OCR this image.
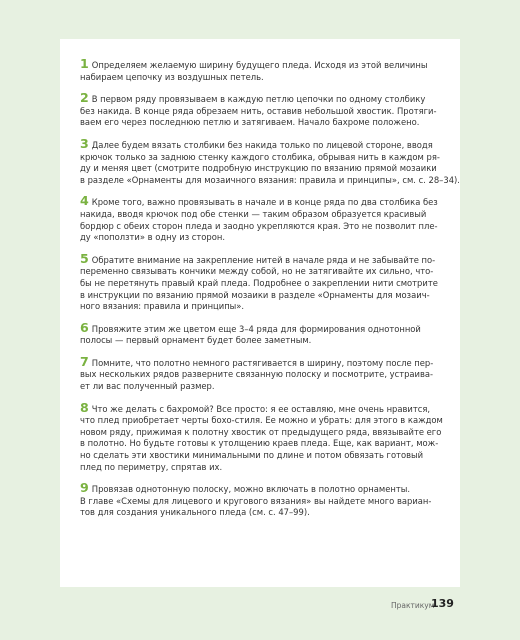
1 Определяем желаемую ширину будущего пледа. Исходя из этой величины
набираем цепочку из воздушных петель.
2 В первом ряду провязываем в каждую петлю цепочки по одному столбику
без накида. В конце ряда обрезаем нить, оставив небольшой хвостик. Протяги-
ваем его через последнюю петлю и затягиваем. Начало бахроме положено.
3 Далее будем вязать столбики без накида только по лицевой стороне, вводя
крючок только за заднюю стенку каждого столбика, обрывая нить в каждом ря-
ду и меняя цвет (смотрите подробную инструкцию по вязанию прямой мозаики
в разделе «Орнаменты для мозаичного вязания: правила и принципы», см. с. 28–34).
4 Кроме того, важно провязывать в начале и в конце ряда по два столбика без
накида, вводя крючок под обе стенки — таким образом образуется красивый
бордюр с обеих сторон пледа и заодно укрепляются края. Это не позволит пле-
ду «поползти» в одну из сторон.
5 Обратите внимание на закрепление нитей в начале ряда и не забывайте по-
переменно связывать кончики между собой, но не затягивайте их сильно, что-
бы не перетянуть правый край пледа. Подробнее о закреплении нити смотрите
в инструкции по вязанию прямой мозаики в разделе «Орнаменты для мозаич-
ного вязания: правила и принципы».
6 Провяжите этим же цветом еще 3–4 ряда для формирования однотонной
полосы — первый орнамент будет более заметным.
7 Помните, что полотно немного растягивается в ширину, поэтому после пер-
вых нескольких рядов разверните связанную полоску и посмотрите, устраива-
ет ли вас полученный размер.
8 Что же делать с бахромой? Все просто: я ее оставляю, мне очень нравится,
что плед приобретает черты бохо-стиля. Ее можно и убрать: для этого в каждом
новом ряду, прижимая к полотну хвостик от предыдущего ряда, ввязывайте его
в полотно. Но будьте готовы к утолщению краев пледа. Еще, как вариант, мож-
но сделать эти хвостики минимальными по длине и потом обвязать готовый
плед по периметру, спрятав их.
9 Провязав однотонную полоску, можно включать в полотно орнаменты.
В главе «Схемы для лицевого и кругового вязания» вы найдете много вариан-
тов для создания уникального пледа (см. с. 47–99).
Практикум
139
